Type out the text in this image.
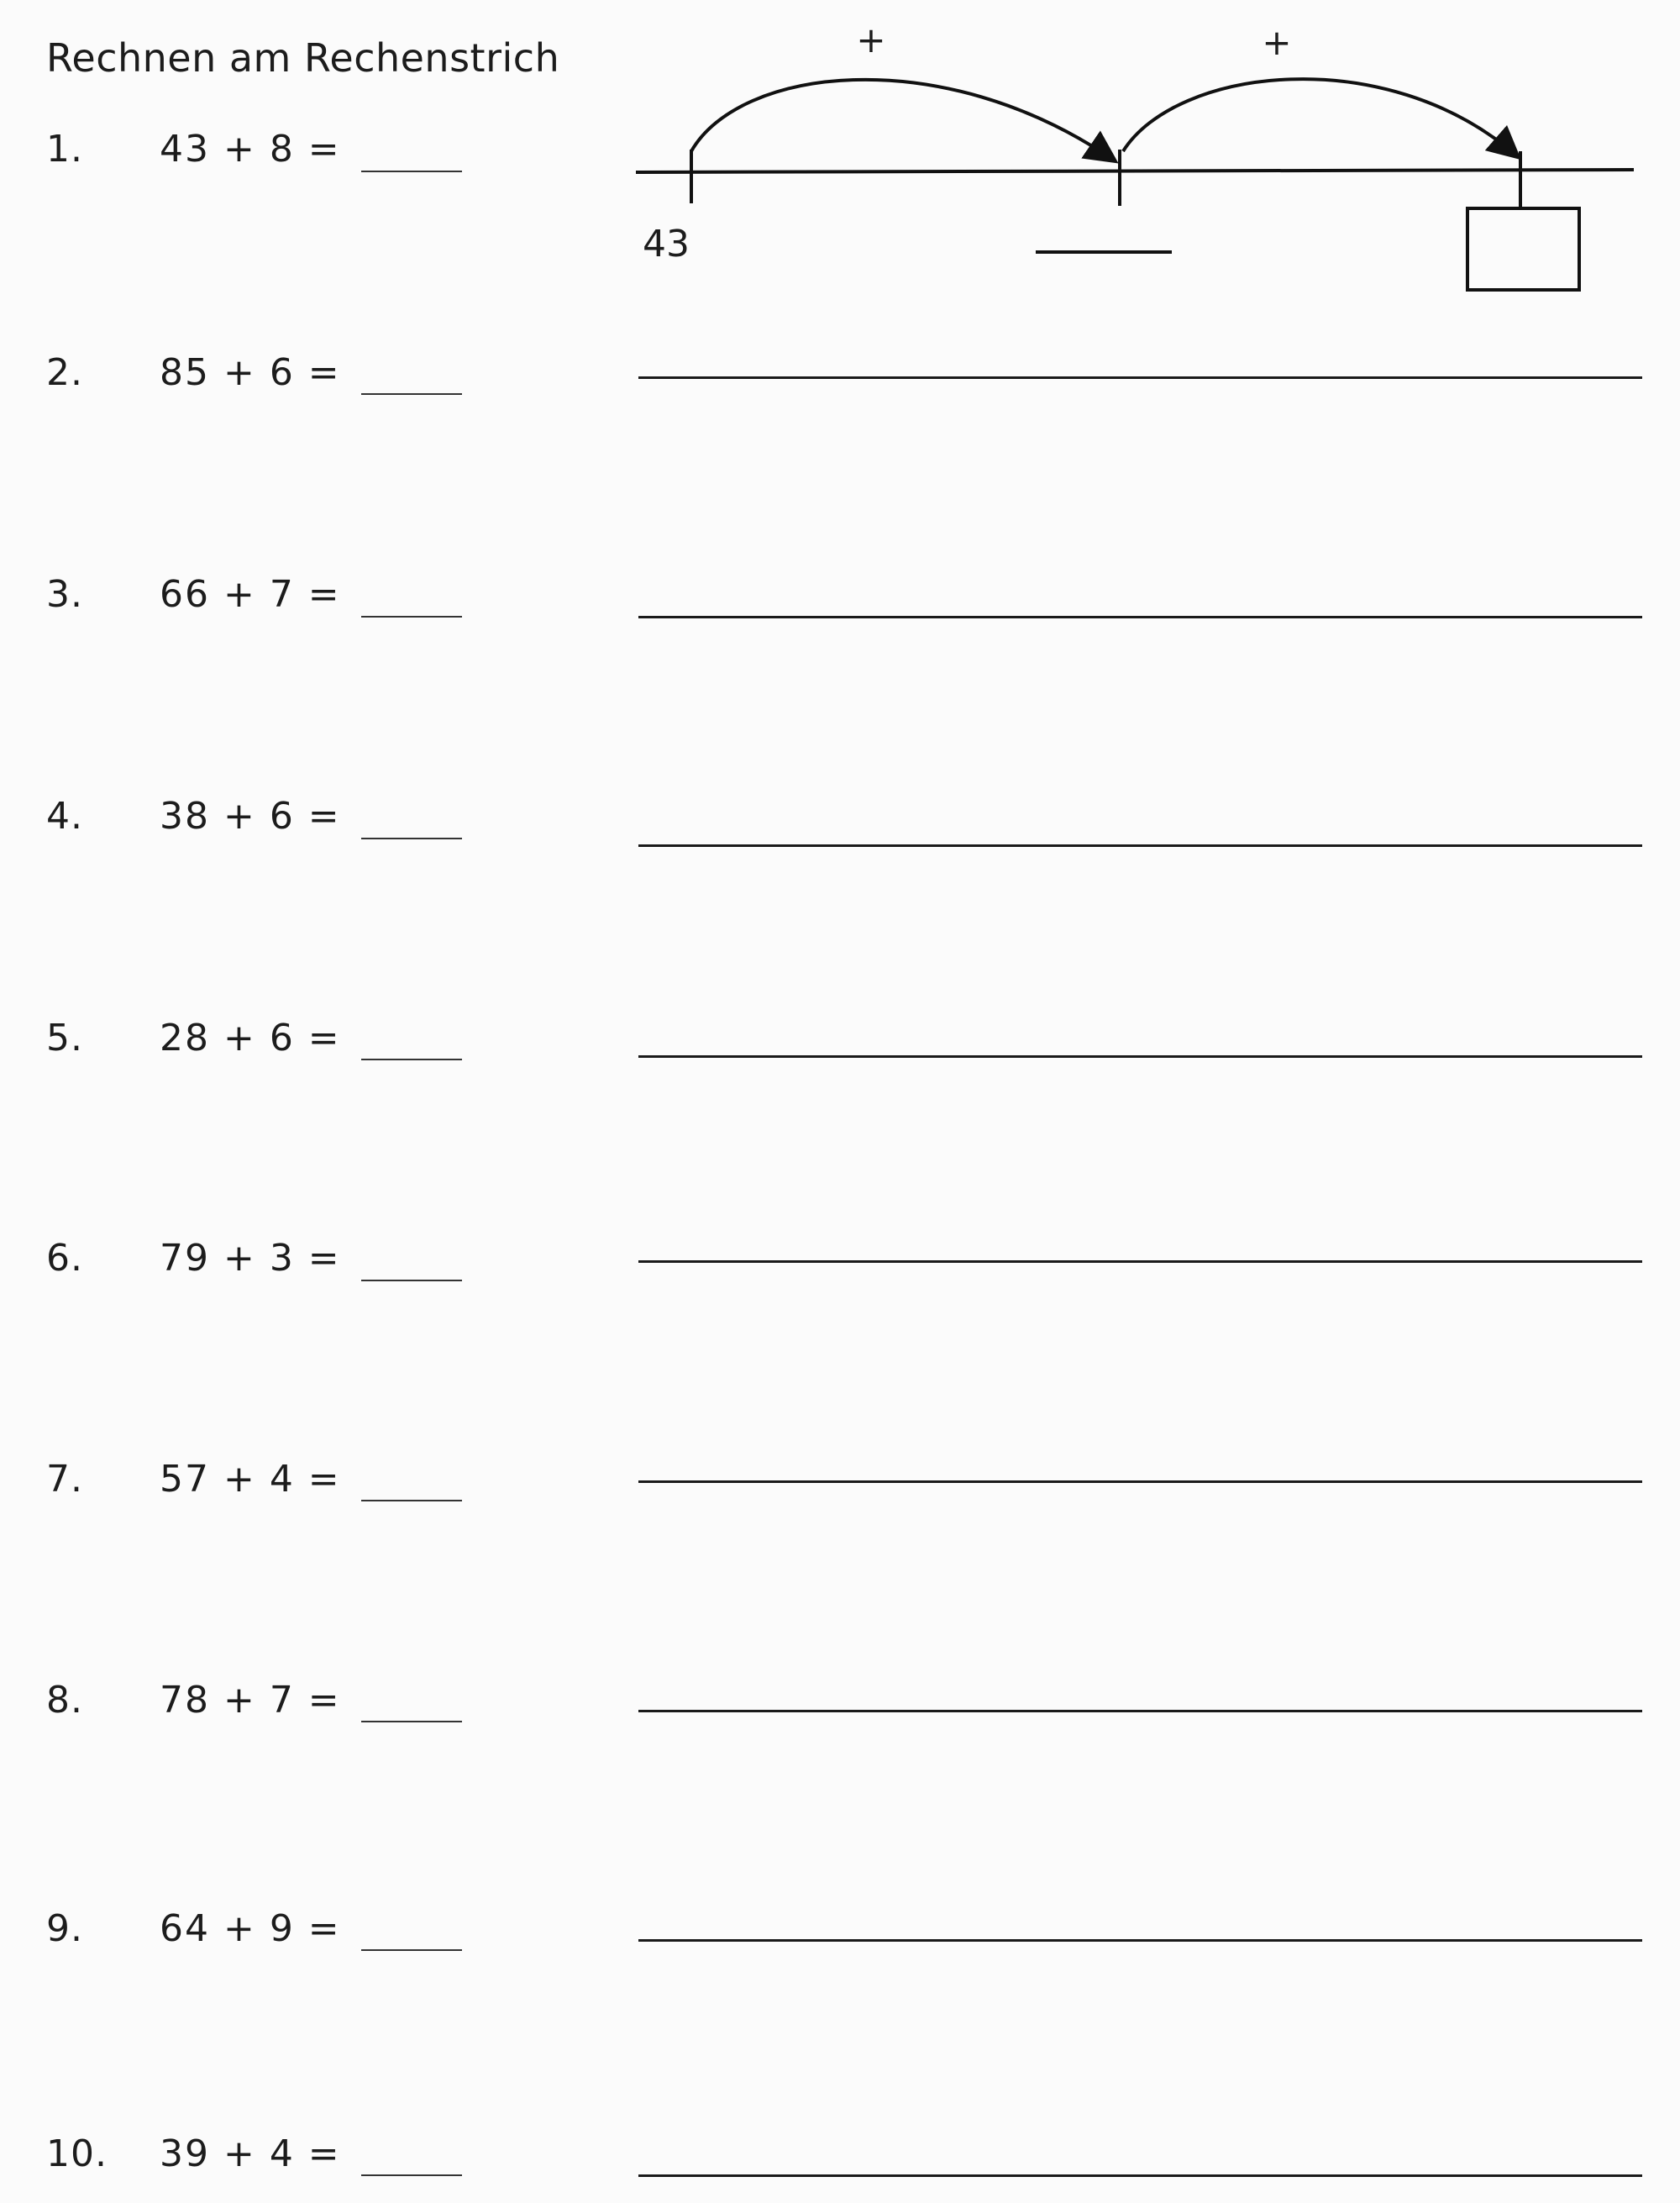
Rechnen am Rechenstrich
1. 43 + 8 =
+	+
43
2. 85 + 6 =
3. 66 + 7 =
4. 38 + 6 =
5. 28 + 6 =
6. 79 + 3 =
7. 57 + 4 =
8. 78 + 7 =
9. 64 + 9 =
10. 39 + 4 =
